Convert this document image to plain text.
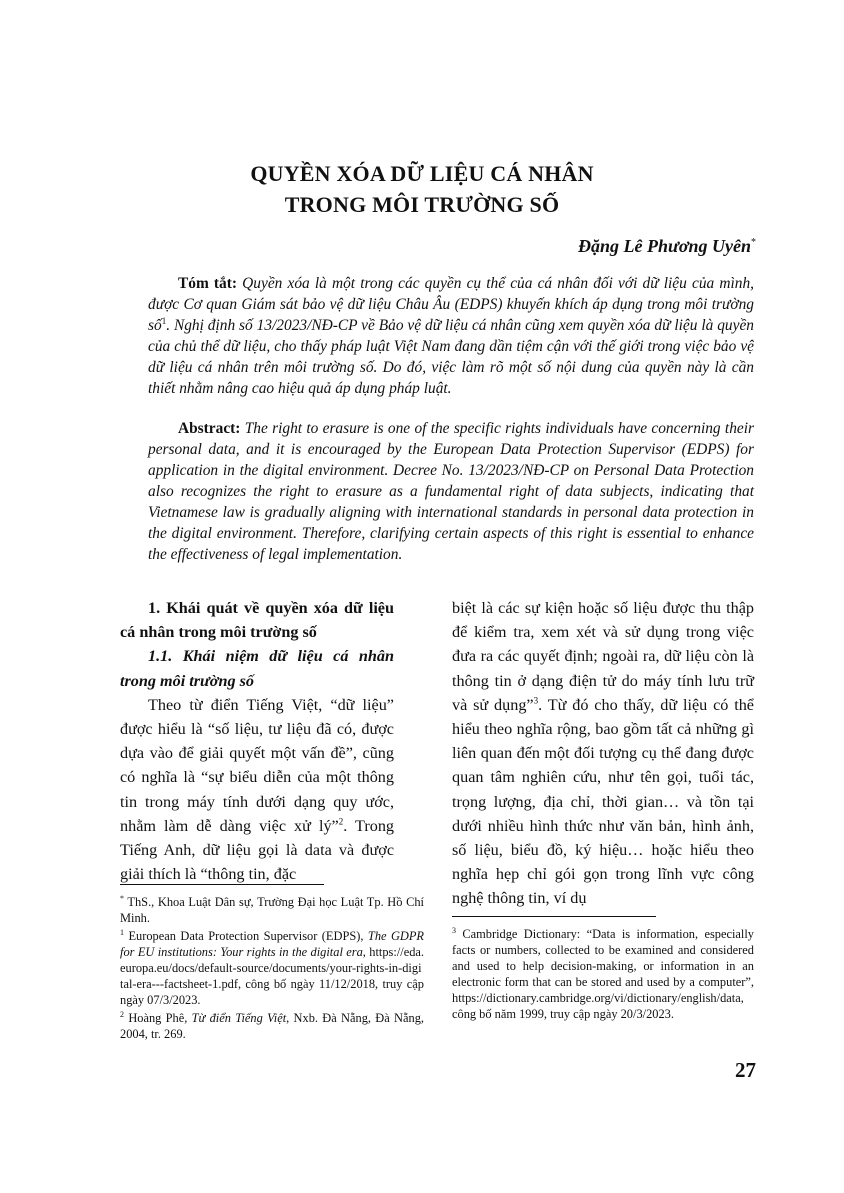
QUYỀN XÓA DỮ LIỆU CÁ NHÂN
TRONG MÔI TRƯỜNG SỐ
Đặng Lê Phương Uyên*

Tóm tắt: Quyền xóa là một trong các quyền cụ thể của cá nhân đối với dữ liệu của mình, được Cơ quan Giám sát bảo vệ dữ liệu Châu Âu (EDPS) khuyến khích áp dụng trong môi trường số$^1$. Nghị định số 13/2023/NĐ-CP về Bảo vệ dữ liệu cá nhân cũng xem quyền xóa dữ liệu là quyền của chủ thể dữ liệu, cho thấy pháp luật Việt Nam đang dần tiệm cận với thế giới trong việc bảo vệ dữ liệu cá nhân trên môi trường số. Do đó, việc làm rõ một số nội dung của quyền này là cần thiết nhằm nâng cao hiệu quả áp dụng pháp luật.

Abstract: The right to erasure is one of the specific rights individuals have concerning their personal data, and it is encouraged by the European Data Protection Supervisor (EDPS) for application in the digital environment. Decree No. 13/2023/NĐ-CP on Personal Data Protection also recognizes the right to erasure as a fundamental right of data subjects, indicating that Vietnamese law is gradually aligning with international standards in personal data protection in the digital environment. Therefore, clarifying certain aspects of this right is essential to enhance the effectiveness of legal implementation.

1. Khái quát về quyền xóa dữ liệu cá nhân trong môi trường số

1.1. Khái niệm dữ liệu cá nhân trong môi trường số

Theo từ điển Tiếng Việt, “dữ liệu” được hiểu là “số liệu, tư liệu đã có, được dựa vào để giải quyết một vấn đề”, cũng có nghĩa là “sự biểu diễn của một thông tin trong máy tính dưới dạng quy ước, nhằm làm dễ dàng việc xử lý”$^2$. Trong Tiếng Anh, dữ liệu gọi là data và được giải thích là “thông tin, đặc

biệt là các sự kiện hoặc số liệu được thu thập để kiểm tra, xem xét và sử dụng trong việc đưa ra các quyết định; ngoài ra, dữ liệu còn là thông tin ở dạng điện tử do máy tính lưu trữ và sử dụng”$^3$. Từ đó cho thấy, dữ liệu có thể hiểu theo nghĩa rộng, bao gồm tất cả những gì liên quan đến một đối tượng cụ thể đang được quan tâm nghiên cứu, như tên gọi, tuổi tác, trọng lượng, địa chỉ, thời gian… và tồn tại dưới nhiều hình thức như văn bản, hình ảnh, số liệu, biểu đồ, ký hiệu… hoặc hiểu theo nghĩa hẹp chỉ gói gọn trong lĩnh vực công nghệ thông tin, ví dụ

* ThS., Khoa Luật Dân sự, Trường Đại học Luật Tp. Hồ Chí Minh.

$^1$ European Data Protection Supervisor (EDPS), The GDPR for EU institutions: Your rights in the digital era, https://eda.europa.eu/docs/default-source/documents/your-rights-in-digital-era---factsheet-1.pdf, công bố ngày 11/12/2018, truy cập ngày 07/3/2023.

$^2$ Hoàng Phê, Từ điển Tiếng Việt, Nxb. Đà Nẵng, Đà Nẵng, 2004, tr. 269.

$^3$ Cambridge Dictionary: “Data is information, especially facts or numbers, collected to be examined and considered and used to help decision-making, or information in an electronic form that can be stored and used by a computer”, https://dictionary.cambridge.org/vi/dictionary/english/data, công bố năm 1999, truy cập ngày 20/3/2023.

27
